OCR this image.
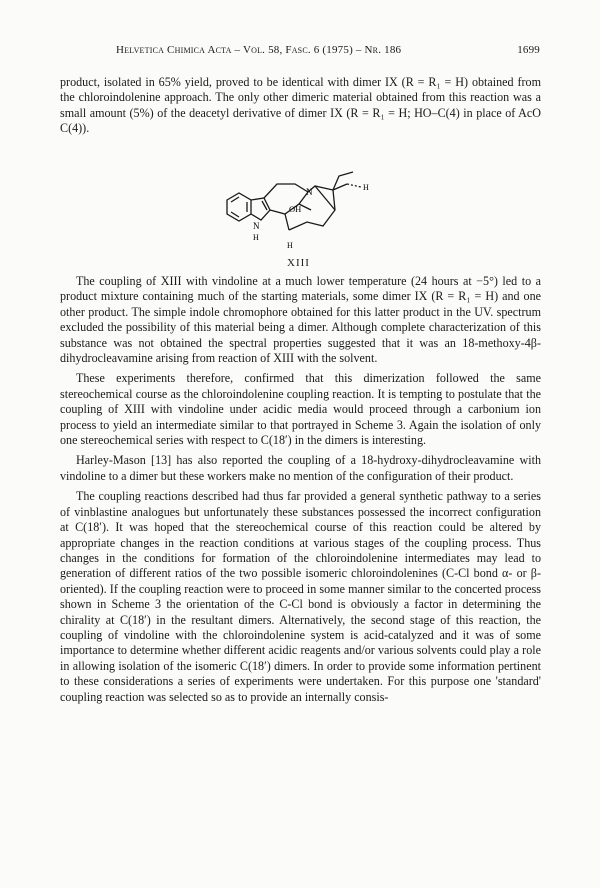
Helvetica Chimica Acta – Vol. 58, Fasc. 6 (1975) – Nr. 186	1699

product, isolated in 65% yield, proved to be identical with dimer IX (R = R₁ = H) obtained from the chloroindolenine approach. The only other dimeric material obtained from this reaction was a small amount (5%) of the deacetyl derivative of dimer IX (R = R₁ = H; HO–C(4) in place of AcO C(4)).

N
N
H
OH
H
H
XIII

The coupling of XIII with vindoline at a much lower temperature (24 hours at −5°) led to a product mixture containing much of the starting materials, some dimer IX (R = R₁ = H) and one other product. The simple indole chromophore obtained for this latter product in the UV. spectrum excluded the possibility of this material being a dimer. Although complete characterization of this substance was not obtained the spectral properties suggested that it was an 18-methoxy-4β-dihydrocleavamine arising from reaction of XIII with the solvent.

These experiments therefore, confirmed that this dimerization followed the same stereochemical course as the chloroindolenine coupling reaction. It is tempting to postulate that the coupling of XIII with vindoline under acidic media would proceed through a carbonium ion process to yield an intermediate similar to that portrayed in Scheme 3. Again the isolation of only one stereochemical series with respect to C(18′) in the dimers is interesting.

Harley-Mason [13] has also reported the coupling of a 18-hydroxy-dihydrocleavamine with vindoline to a dimer but these workers make no mention of the configuration of their product.

The coupling reactions described had thus far provided a general synthetic pathway to a series of vinblastine analogues but unfortunately these substances possessed the incorrect configuration at C(18′). It was hoped that the stereochemical course of this reaction could be altered by appropriate changes in the reaction conditions at various stages of the coupling process. Thus changes in the conditions for formation of the chloroindolenine intermediates may lead to generation of different ratios of the two possible isomeric chloroindolenines (C-Cl bond α- or β-oriented). If the coupling reaction were to proceed in some manner similar to the concerted process shown in Scheme 3 the orientation of the C-Cl bond is obviously a factor in determining the chirality at C(18′) in the resultant dimers. Alternatively, the second stage of this reaction, the coupling of vindoline with the chloroindolenine system is acid-catalyzed and it was of some importance to determine whether different acidic reagents and/or various solvents could play a role in allowing isolation of the isomeric C(18′) dimers. In order to provide some information pertinent to these considerations a series of experiments were undertaken. For this purpose one 'standard' coupling reaction was selected so as to provide an internally consis-
